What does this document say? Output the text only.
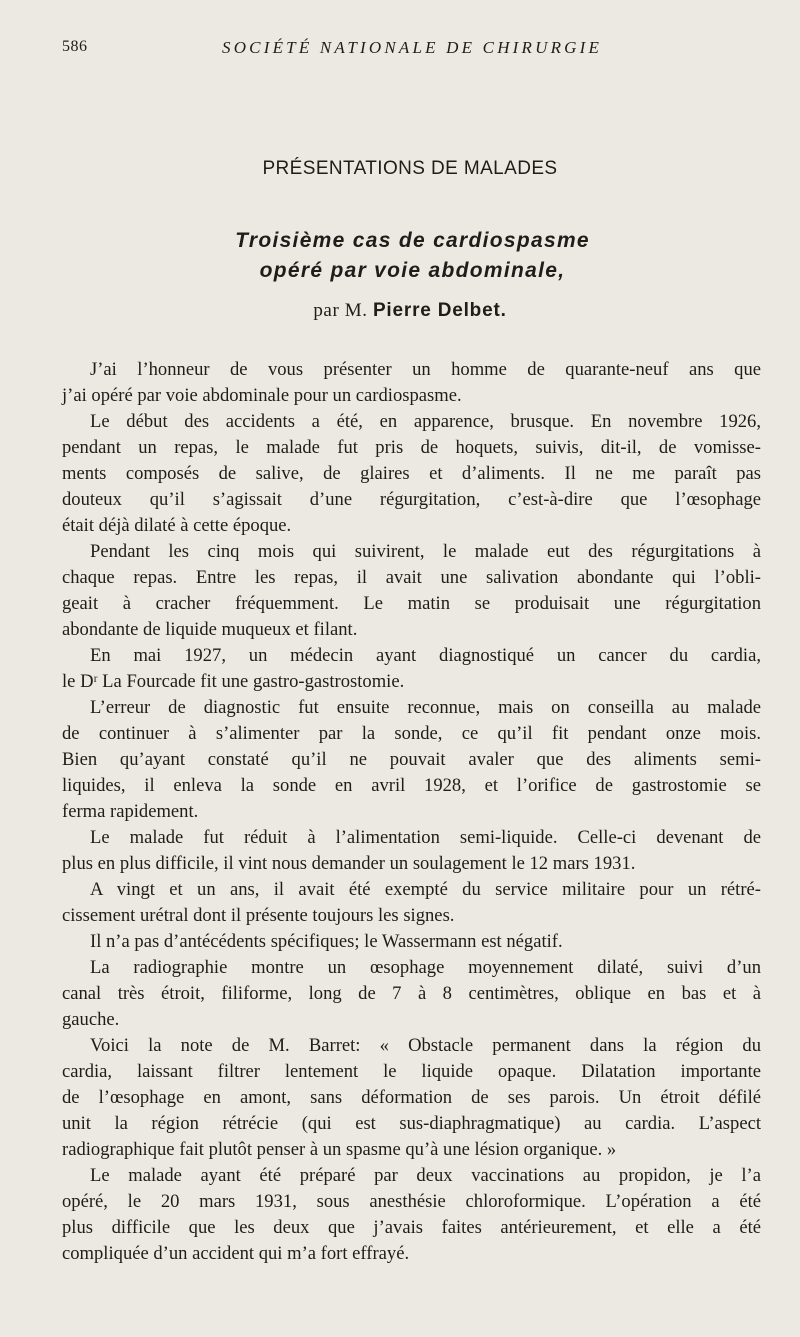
586	SOCIÉTÉ NATIONALE DE CHIRURGIE
PRÉSENTATIONS DE MALADES
Troisième cas de cardiospasme
opéré par voie abdominale,
par M. Pierre Delbet.

J’ai l’honneur de vous présenter un homme de quarante-neuf ans que
j’ai opéré par voie abdominale pour un cardiospasme.

Le début des accidents a été, en apparence, brusque. En novembre 1926,
pendant un repas, le malade fut pris de hoquets, suivis, dit-il, de vomisse-
ments composés de salive, de glaires et d’aliments. Il ne me paraît pas
douteux qu’il s’agissait d’une régurgitation, c’est-à-dire que l’œsophage
était déjà dilaté à cette époque.

Pendant les cinq mois qui suivirent, le malade eut des régurgitations à
chaque repas. Entre les repas, il avait une salivation abondante qui l’obli-
geait à cracher fréquemment. Le matin se produisait une régurgitation
abondante de liquide muqueux et filant.

En mai 1927, un médecin ayant diagnostiqué un cancer du cardia,
le Dʳ La Fourcade fit une gastro-gastrostomie.

L’erreur de diagnostic fut ensuite reconnue, mais on conseilla au malade
de continuer à s’alimenter par la sonde, ce qu’il fit pendant onze mois.
Bien qu’ayant constaté qu’il ne pouvait avaler que des aliments semi-
liquides, il enleva la sonde en avril 1928, et l’orifice de gastrostomie se
ferma rapidement.

Le malade fut réduit à l’alimentation semi-liquide. Celle-ci devenant de
plus en plus difficile, il vint nous demander un soulagement le 12 mars 1931.

A vingt et un ans, il avait été exempté du service militaire pour un rétré-
cissement urétral dont il présente toujours les signes.

Il n’a pas d’antécédents spécifiques; le Wassermann est négatif.

La radiographie montre un œsophage moyennement dilaté, suivi d’un
canal très étroit, filiforme, long de 7 à 8 centimètres, oblique en bas et à
gauche.

Voici la note de M. Barret: « Obstacle permanent dans la région du
cardia, laissant filtrer lentement le liquide opaque. Dilatation importante
de l’œsophage en amont, sans déformation de ses parois. Un étroit défilé
unit la région rétrécie (qui est sus-diaphragmatique) au cardia. L’aspect
radiographique fait plutôt penser à un spasme qu’à une lésion organique. »

Le malade ayant été préparé par deux vaccinations au propidon, je l’a
opéré, le 20 mars 1931, sous anesthésie chloroformique. L’opération a été
plus difficile que les deux que j’avais faites antérieurement, et elle a été
compliquée d’un accident qui m’a fort effrayé.
